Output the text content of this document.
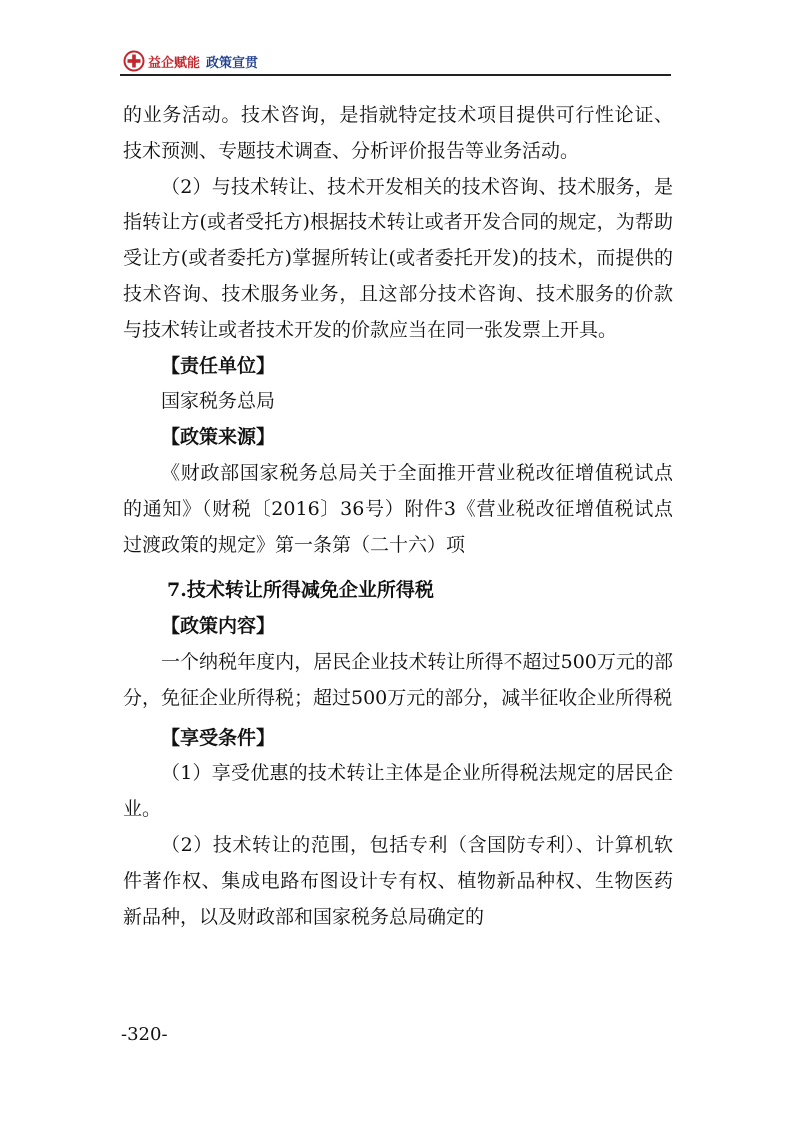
益企赋能 政策宣贯

的业务活动。技术咨询，是指就特定技术项目提供可行性论证、技术预测、专题技术调查、分析评价报告等业务活动。

（2）与技术转让、技术开发相关的技术咨询、技术服务，是指转让方(或者受托方)根据技术转让或者开发合同的规定，为帮助受让方(或者委托方)掌握所转让(或者委托开发)的技术，而提供的技术咨询、技术服务业务，且这部分技术咨询、技术服务的价款与技术转让或者技术开发的价款应当在同一张发票上开具。

【责任单位】

国家税务总局

【政策来源】

《财政部国家税务总局关于全面推开营业税改征增值税试点的通知》（财税〔2016〕36号）附件3《营业税改征增值税试点过渡政策的规定》第一条第（二十六）项

7.技术转让所得减免企业所得税

【政策内容】

一个纳税年度内，居民企业技术转让所得不超过500万元的部分，免征企业所得税；超过500万元的部分，减半征收企业所得税

【享受条件】

（1）享受优惠的技术转让主体是企业所得税法规定的居民企业。

（2）技术转让的范围，包括专利（含国防专利）、计算机软件著作权、集成电路布图设计专有权、植物新品种权、生物医药新品种，以及财政部和国家税务总局确定的

-320-
